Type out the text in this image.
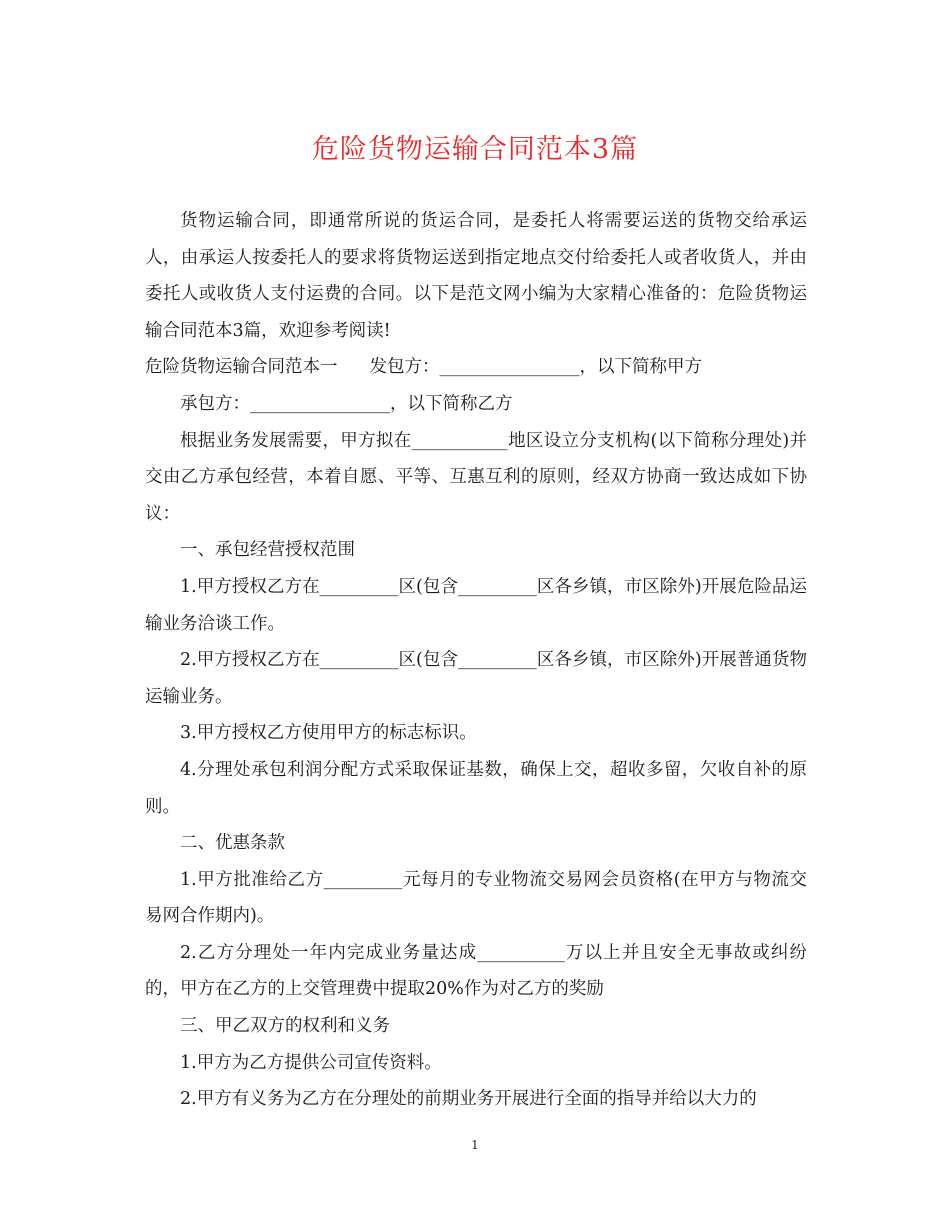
危险货物运输合同范本3篇

货物运输合同，即通常所说的货运合同，是委托人将需要运送的货物交给承运人，由承运人按委托人的要求将货物运送到指定地点交付给委托人或者收货人，并由委托人或收货人支付运费的合同。以下是范文网小编为大家精心准备的：危险货物运输合同范本3篇，欢迎参考阅读!

危险货物运输合同范本一 发包方：________________，以下简称甲方

承包方：________________，以下简称乙方

根据业务发展需要，甲方拟在___________地区设立分支机构(以下简称分理处)并交由乙方承包经营，本着自愿、平等、互惠互利的原则，经双方协商一致达成如下协议：

一、承包经营授权范围

1.甲方授权乙方在_________区(包含_________区各乡镇，市区除外)开展危险品运输业务洽谈工作。

2.甲方授权乙方在_________区(包含_________区各乡镇，市区除外)开展普通货物运输业务。

3.甲方授权乙方使用甲方的标志标识。

4.分理处承包利润分配方式采取保证基数，确保上交，超收多留，欠收自补的原则。

二、优惠条款

1.甲方批准给乙方_________元每月的专业物流交易网会员资格(在甲方与物流交易网合作期内)。

2.乙方分理处一年内完成业务量达成__________万以上并且安全无事故或纠纷的，甲方在乙方的上交管理费中提取20%作为对乙方的奖励

三、甲乙双方的权利和义务

1.甲方为乙方提供公司宣传资料。

2.甲方有义务为乙方在分理处的前期业务开展进行全面的指导并给以大力的

1
